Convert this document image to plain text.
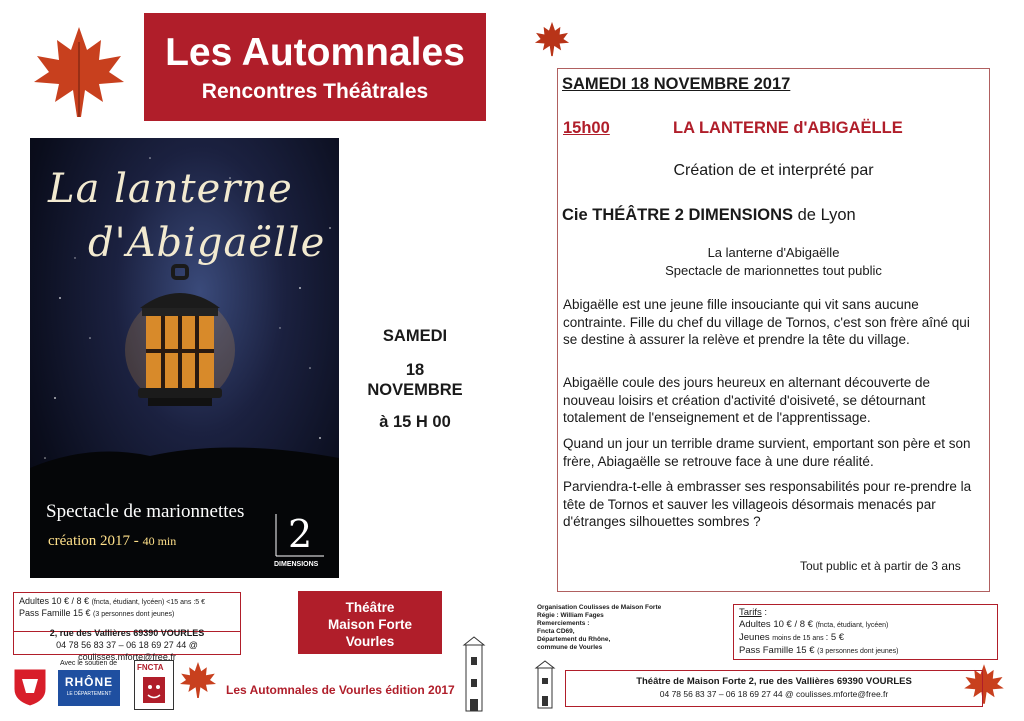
Les Automnales
Rencontres Théâtrales
La lanterne
d'Abigaëlle
Spectacle de marionnettes
création 2017 - 40 min	2
DIMENSIONS
SAMEDI
18
NOVEMBRE
à 15 H 00
Adultes 10 € / 8 € (fncta, étudiant, lycéen) <15 ans :5 €
Pass Famille 15 € (3 personnes dont jeunes)
2, rue des Vallières 69390 VOURLES
04 78 56 83 37 – 06 18 69 27 44 @ coulisses.mforte@free.fr
Théâtre
Maison Forte
Vourles
Avec le soutien de
RHÔNE
LE DÉPARTEMENT
FNCTA
Les Automnales de Vourles édition 2017
SAMEDI 18 NOVEMBRE 2017
15h00	LA LANTERNE d'ABIGAËLLE
Création de et interprété par
Cie THÉÂTRE 2 DIMENSIONS de Lyon
La lanterne d'Abigaëlle
Spectacle de marionnettes tout public
Abigaëlle est une jeune fille insouciante qui vit sans aucune contrainte. Fille du chef du village de Tornos, c'est son frère aîné qui se destine à assurer la relève et prendre la tête du village.
Abigaëlle coule des jours heureux en alternant découverte de nouveau loisirs et création d'activité d'oisiveté, se détournant totalement de l'enseignement et de l'apprentissage.
Quand un jour un terrible drame survient, emportant son père et son frère, Abiagaëlle se retrouve face à une dure réalité.
Parviendra-t-elle à embrasser ses responsabilités pour re-prendre la tête de Tornos et sauver les villageois désormais menacés par d'étranges silhouettes sombres ?
Tout public et à partir de 3 ans
Organisation Coulisses de Maison Forte
Régie : William Fages
Remerciements :
Fncta CD69,
Département du Rhône,
commune de Vourles
Tarifs :
Adultes 10 € / 8 € (fncta, étudiant, lycéen)
Jeunes moins de 15 ans : 5 €
Pass Famille 15 € (3 personnes dont jeunes)
Théâtre de Maison Forte 2, rue des Vallières 69390 VOURLES
04 78 56 83 37 – 06 18 69 27 44 @ coulisses.mforte@free.fr
